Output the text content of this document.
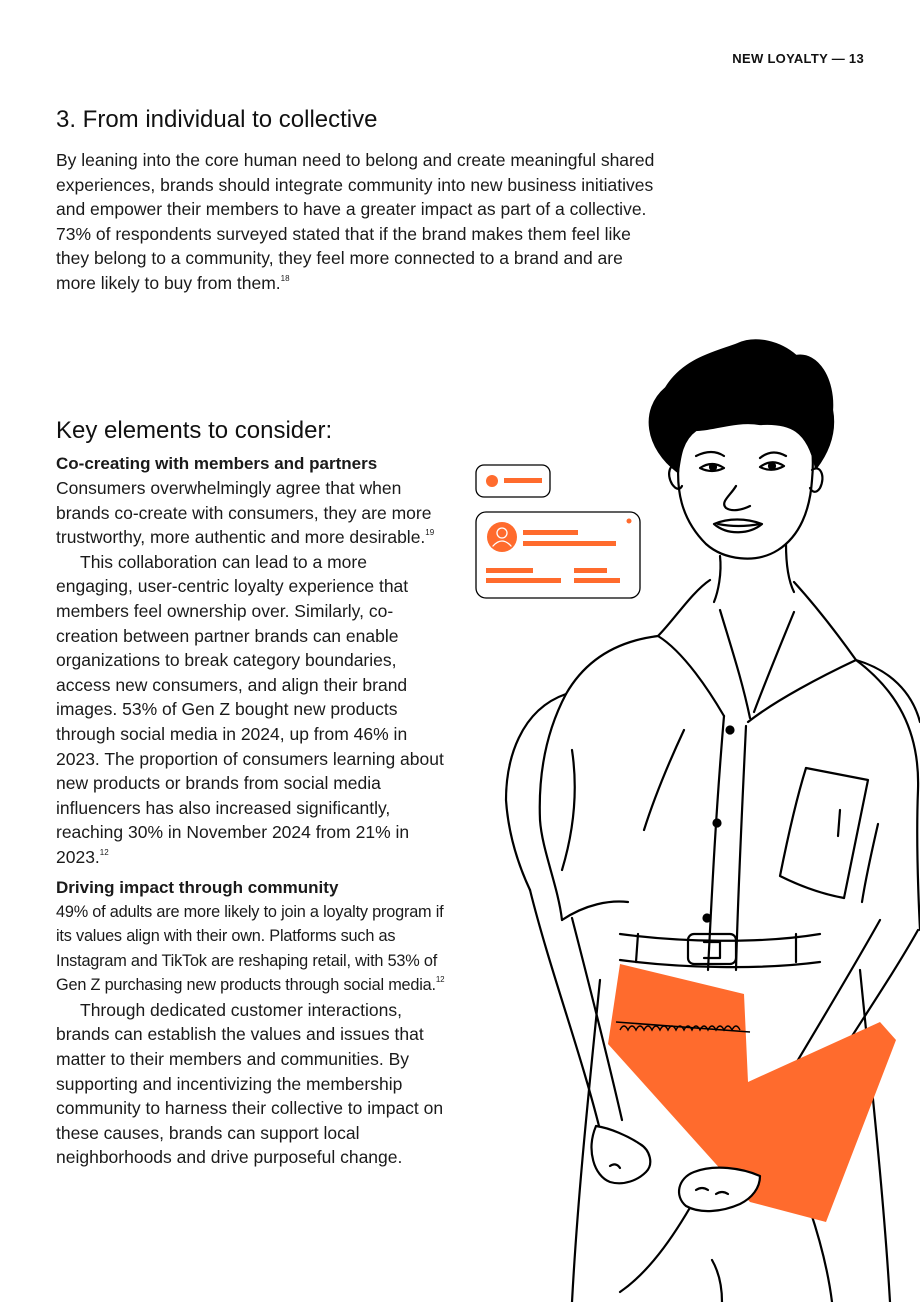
NEW LOYALTY — 13
3. From individual to collective

By leaning into the core human need to belong and create meaningful shared experiences, brands should integrate community into new business initiatives and empower their members to have a greater impact as part of a collective. 73% of respondents surveyed stated that if the brand makes them feel like they belong to a community, they feel more connected to a brand and are more likely to buy from them.$^{18}$

Key elements to consider:
Co-creating with members and partners

Consumers overwhelmingly agree that when brands co-create with consumers, they are more trustworthy, more authentic and more desirable.$^{19}$

This collaboration can lead to a more engaging, user-centric loyalty experience that members feel ownership over. Similarly, co-creation between partner brands can enable organizations to break category boundaries, access new consumers, and align their brand images. 53% of Gen Z bought new products through social media in 2024, up from 46% in 2023. The proportion of consumers learning about new products or brands from social media influencers has also increased significantly, reaching 30% in November 2024 from 21% in 2023.12

Driving impact through community

49% of adults are more likely to join a loyalty program if its values align with their own. Platforms such as Instagram and TikTok are reshaping retail, with 53% of Gen Z purchasing new products through social media.$^{12}$

Through dedicated customer interactions, brands can establish the values and issues that matter to their members and communities. By supporting and incentivizing the membership community to harness their collective to impact on these causes, brands can support local neighborhoods and drive purposeful change.
